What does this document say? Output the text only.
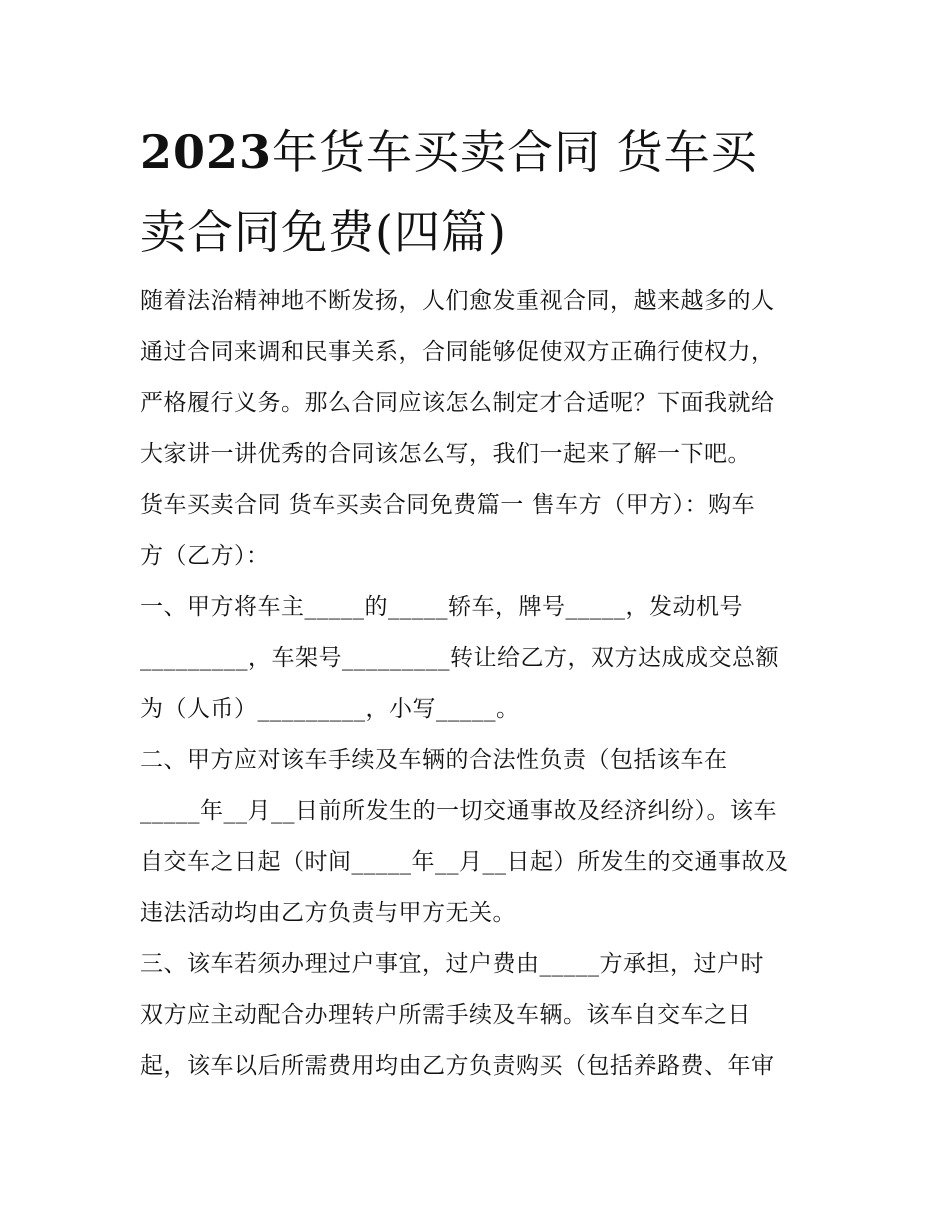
2023年货车买卖合同 货车买
卖合同免费(四篇)
随着法治精神地不断发扬，人们愈发重视合同，越来越多的人
通过合同来调和民事关系，合同能够促使双方正确行使权力，
严格履行义务。那么合同应该怎么制定才合适呢？下面我就给
大家讲一讲优秀的合同该怎么写，我们一起来了解一下吧。
货车买卖合同 货车买卖合同免费篇一 售车方（甲方）：购车
方（乙方）：
一、甲方将车主_____的_____轿车，牌号_____，发动机号
_________，车架号_________转让给乙方，双方达成成交总额
为（人币）_________，小写_____。
二、甲方应对该车手续及车辆的合法性负责（包括该车在
_____年__月__日前所发生的一切交通事故及经济纠纷）。该车
自交车之日起（时间_____年__月__日起）所发生的交通事故及
违法活动均由乙方负责与甲方无关。
三、该车若须办理过户事宜，过户费由_____方承担，过户时
双方应主动配合办理转户所需手续及车辆。该车自交车之日
起，该车以后所需费用均由乙方负责购买（包括养路费、年审
